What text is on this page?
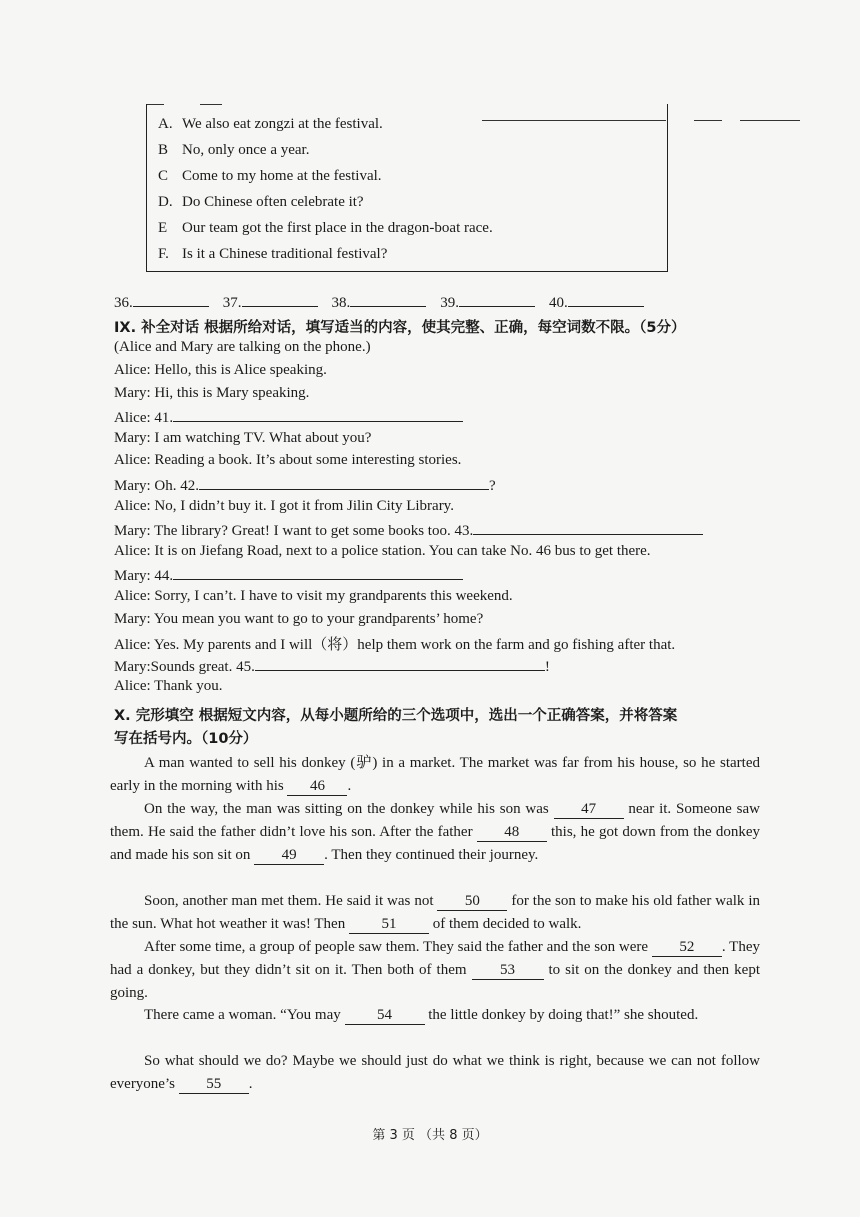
A. We also eat zongzi at the festival.
B No, only once a year.
C Come to my home at the festival.
D. Do Chinese often celebrate it?
E Our team got the first place in the dragon-boat race.
F. Is it a Chinese traditional festival?
36.	37.	38.	39.	40.
IX. 补全对话 根据所给对话，填写适当的内容，使其完整、正确，每空词数不限。（5分）
(Alice and Mary are talking on the phone.)
Alice: Hello, this is Alice speaking.
Mary: Hi, this is Mary speaking.
Alice: 41.
Mary: I am watching TV. What about you?
Alice: Reading a book. It’s about some interesting stories.
Mary: Oh. 42.	?
Alice: No, I didn’t buy it. I got it from Jilin City Library.
Mary: The library? Great! I want to get some books too. 43.
Alice: It is on Jiefang Road, next to a police station. You can take No. 46 bus to get there.
Mary: 44.
Alice: Sorry, I can’t. I have to visit my grandparents this weekend.
Mary: You mean you want to go to your grandparents’ home?
Alice: Yes. My parents and I will（将）help them work on the farm and go fishing after that.
Mary:Sounds great. 45.	!
Alice: Thank you.
X. 完形填空 根据短文内容，从每小题所给的三个选项中，选出一个正确答案，并将答案
写在括号内。（10分）
A man wanted to sell his donkey (驴) in a market. The market was far from his house, so he started early in the morning with his 46 .
On the way, the man was sitting on the donkey while his son was 47 near it. Someone saw them. He said the father didn’t love his son. After the father 48 this, he got down from the donkey and made his son sit on 49 . Then they continued their journey.
Soon, another man met them. He said it was not 50 for the son to make his old father walk in the sun. What hot weather it was! Then 51 of them decided to walk.
After some time, a group of people saw them. They said the father and the son were 52 . They had a donkey, but they didn’t sit on it. Then both of them 53 to sit on the donkey and then kept going.
There came a woman. “You may 54 the little donkey by doing that!” she shouted.
So what should we do? Maybe we should just do what we think is right, because we can not follow everyone’s 55 .
第 3 页 （共 8 页）
